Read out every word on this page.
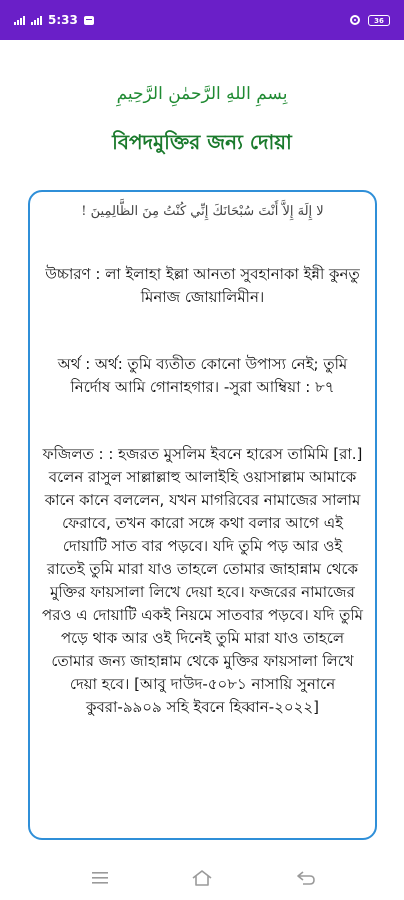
5:33	36
بِسمِ اللهِ الرَّحمٰنِ الرَّحِيمِ
বিপদমুক্তির জন্য দোয়া
لا إِلَهَ إِلاَّ أَنْتَ سُبْحَانَكَ إِنِّي كُنْتُ مِنَ الظَّالِمِينَ !
উচ্চারণ : লা ইলাহা ইল্লা আনতা সুবহানাকা ইন্নী কুনতু মিনাজ জোয়ালিমীন।
অর্থ : অর্থ: তুমি ব্যতীত কোনো উপাস্য নেই; তুমি নির্দোষ আমি গোনাহগার। -সুরা আম্বিয়া : ৮৭
ফজিলত : : হজরত মুসলিম ইবনে হারেস তামিমি [রা.] বলেন রাসুল সাল্লাল্লাহু আলাইহি ওয়াসাল্লাম আমাকে কানে কানে বললেন, যখন মাগরিবের নামাজের সালাম ফেরাবে, তখন কারো সঙ্গে কথা বলার আগে এই দোয়াটি সাত বার পড়বে। যদি তুমি পড় আর ওই রাতেই তুমি মারা যাও তাহলে তোমার জাহান্নাম থেকে মুক্তির ফায়সালা লিখে দেয়া হবে। ফজরের নামাজের পরও এ দোয়াটি একই নিয়মে সাতবার পড়বে। যদি তুমি পড়ে থাক আর ওই দিনেই তুমি মারা যাও তাহলে তোমার জন্য জাহান্নাম থেকে মুক্তির ফায়সালা লিখে দেয়া হবে। [আবু দাউদ-৫০৮১ নাসায়ি সুনানে কুবরা-৯৯০৯ সহি ইবনে হিব্বান-২০২২]
